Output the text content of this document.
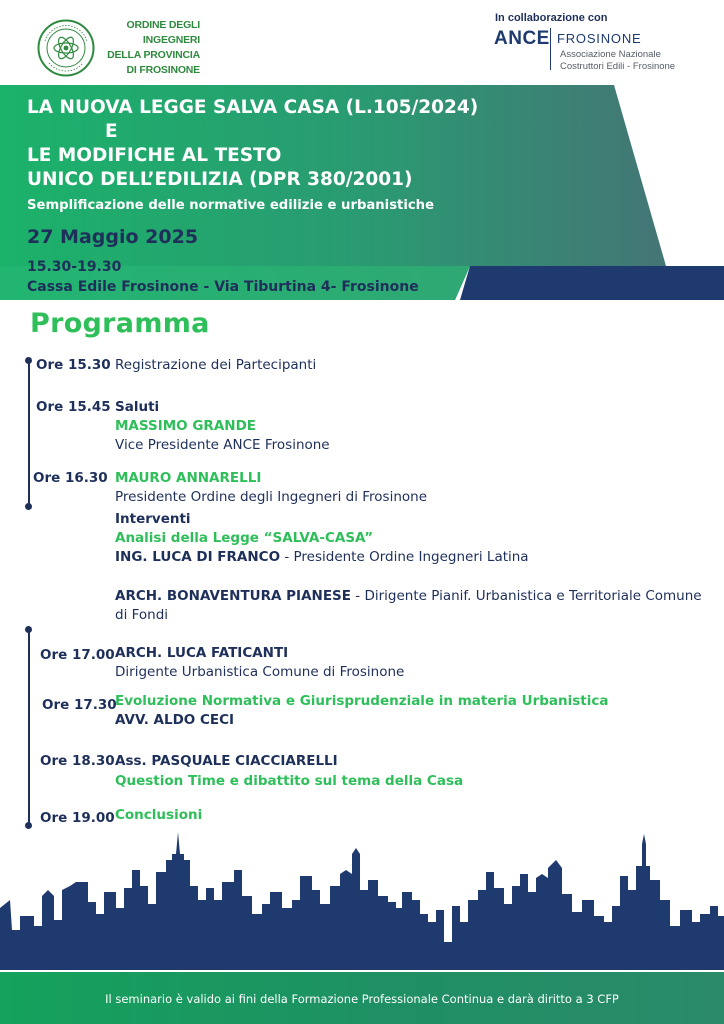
ORDINE DEGLI INGEGNERI
DELLA PROVINCIA
DI FROSINONE
In collaborazione con
ANCE FROSINONE
Associazione Nazionale
Costruttori Edili - Frosinone
LA NUOVA LEGGE SALVA CASA (L.105/2024)
E
LE MODIFICHE AL TESTO
UNICO DELL’EDILIZIA (DPR 380/2001)
Semplificazione delle normative edilizie e urbanistiche
27 Maggio 2025
15.30-19.30
Cassa Edile Frosinone - Via Tiburtina 4- Frosinone
Programma
Ore 15.30 Registrazione dei Partecipanti
Ore 15.45 Saluti
MASSIMO GRANDE
Vice Presidente ANCE Frosinone
Ore 16.30 MAURO ANNARELLI
Presidente Ordine degli Ingegneri di Frosinone
Interventi
Analisi della Legge “SALVA-CASA”
ING. LUCA DI FRANCO - Presidente Ordine Ingegneri Latina
ARCH. BONAVENTURA PIANESE - Dirigente Pianif. Urbanistica e Territoriale Comune
di Fondi
Ore 17.00 ARCH. LUCA FATICANTI
Dirigente Urbanistica Comune di Frosinone
Ore 17.30
Evoluzione Normativa e Giurisprudenziale in materia Urbanistica
AVV. ALDO CECI
Ore 18.30 Ass. PASQUALE CIACCIARELLI
Question Time e dibattito sul tema della Casa
Ore 19.00 Conclusioni
Il seminario è valido ai fini della Formazione Professionale Continua e darà diritto a 3 CFP
